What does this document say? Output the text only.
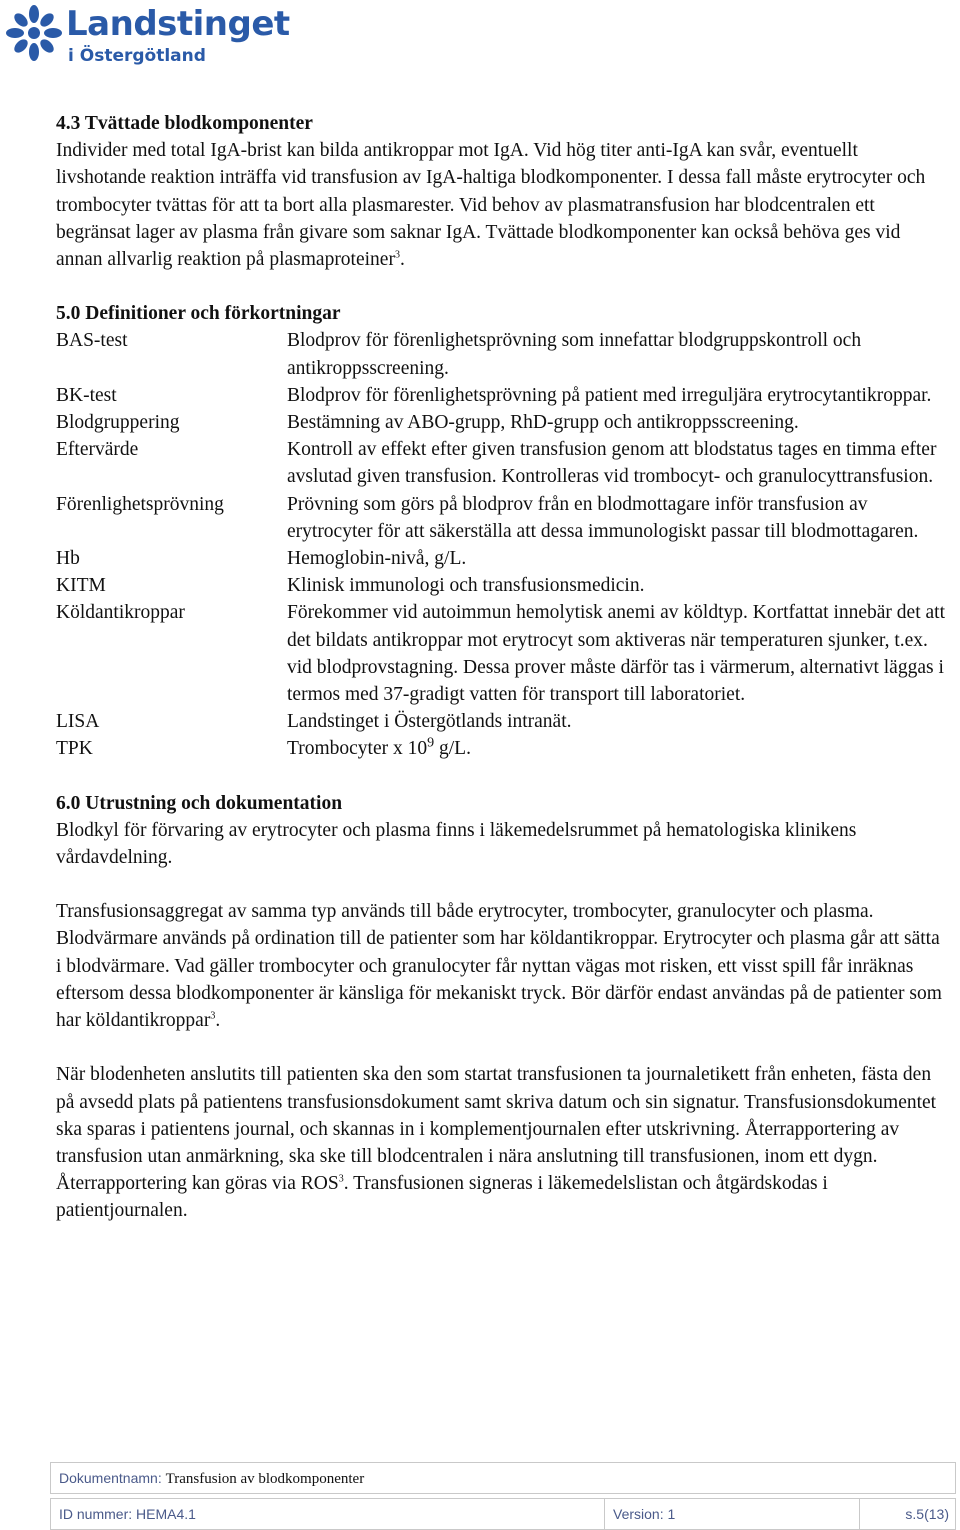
Landstinget
i Östergötland

4.3 Tvättade blodkomponenter

Individer med total IgA-brist kan bilda antikroppar mot IgA. Vid hög titer anti-IgA kan svår, eventuellt livshotande reaktion inträffa vid transfusion av IgA-haltiga blodkomponenter. I dessa fall måste erytrocyter och trombocyter tvättas för att ta bort alla plasmarester. Vid behov av plasmatransfusion har blodcentralen ett begränsat lager av plasma från givare som saknar IgA. Tvättade blodkomponenter kan också behöva ges vid annan allvarlig reaktion på plasmaproteiner$^3$.

5.0 Definitioner och förkortningar

BAS-test	Blodprov för förenlighetsprövning som innefattar blodgruppskontroll och antikroppsscreening.
BK-test	Blodprov för förenlighetsprövning på patient med irreguljära erytrocytantikroppar.
Blodgruppering	Bestämning av ABO-grupp, RhD-grupp och antikroppsscreening.
Eftervärde	Kontroll av effekt efter given transfusion genom att blodstatus tages en timma efter avslutad given transfusion. Kontrolleras vid trombocyt- och granulocyttransfusion.
Förenlighetsprövning	Prövning som görs på blodprov från en blodmottagare inför transfusion av erytrocyter för att säkerställa att dessa immunologiskt passar till blodmottagaren.
Hb	Hemoglobin-nivå, g/L.
KITM	Klinisk immunologi och transfusionsmedicin.
Köldantikroppar	Förekommer vid autoimmun hemolytisk anemi av köldtyp. Kortfattat innebär det att det bildats antikroppar mot erytrocyt som aktiveras när temperaturen sjunker, t.ex. vid blodprovstagning. Dessa prover måste därför tas i värmerum, alternativt läggas i termos med 37-gradigt vatten för transport till laboratoriet.
LISA	Landstinget i Östergötlands intranät.
TPK	Trombocyter x $10^9$ g/L.

6.0 Utrustning och dokumentation

Blodkyl för förvaring av erytrocyter och plasma finns i läkemedelsrummet på hematologiska klinikens vårdavdelning.

Transfusionsaggregat av samma typ används till både erytrocyter, trombocyter, granulocyter och plasma. Blodvärmare används på ordination till de patienter som har köldantikroppar. Erytrocyter och plasma går att sätta i blodvärmare. Vad gäller trombocyter och granulocyter får nyttan vägas mot risken, ett visst spill får inräknas eftersom dessa blodkomponenter är känsliga för mekaniskt tryck. Bör därför endast användas på de patienter som har köldantikroppar$^3$.

När blodenheten anslutits till patienten ska den som startat transfusionen ta journaletikett från enheten, fästa den på avsedd plats på patientens transfusionsdokument samt skriva datum och sin signatur. Transfusionsdokumentet ska sparas i patientens journal, och skannas in i komplementjournalen efter utskrivning. Återrapportering av transfusion utan anmärkning, ska ske till blodcentralen i nära anslutning till transfusionen, inom ett dygn. Återrapportering kan göras via ROS$^3$. Transfusionen signeras i läkemedelslistan och åtgärdskodas i patientjournalen.

Dokumentnamn: Transfusion av blodkomponenter
ID nummer: HEMA4.1	Version: 1	s.5(13)
